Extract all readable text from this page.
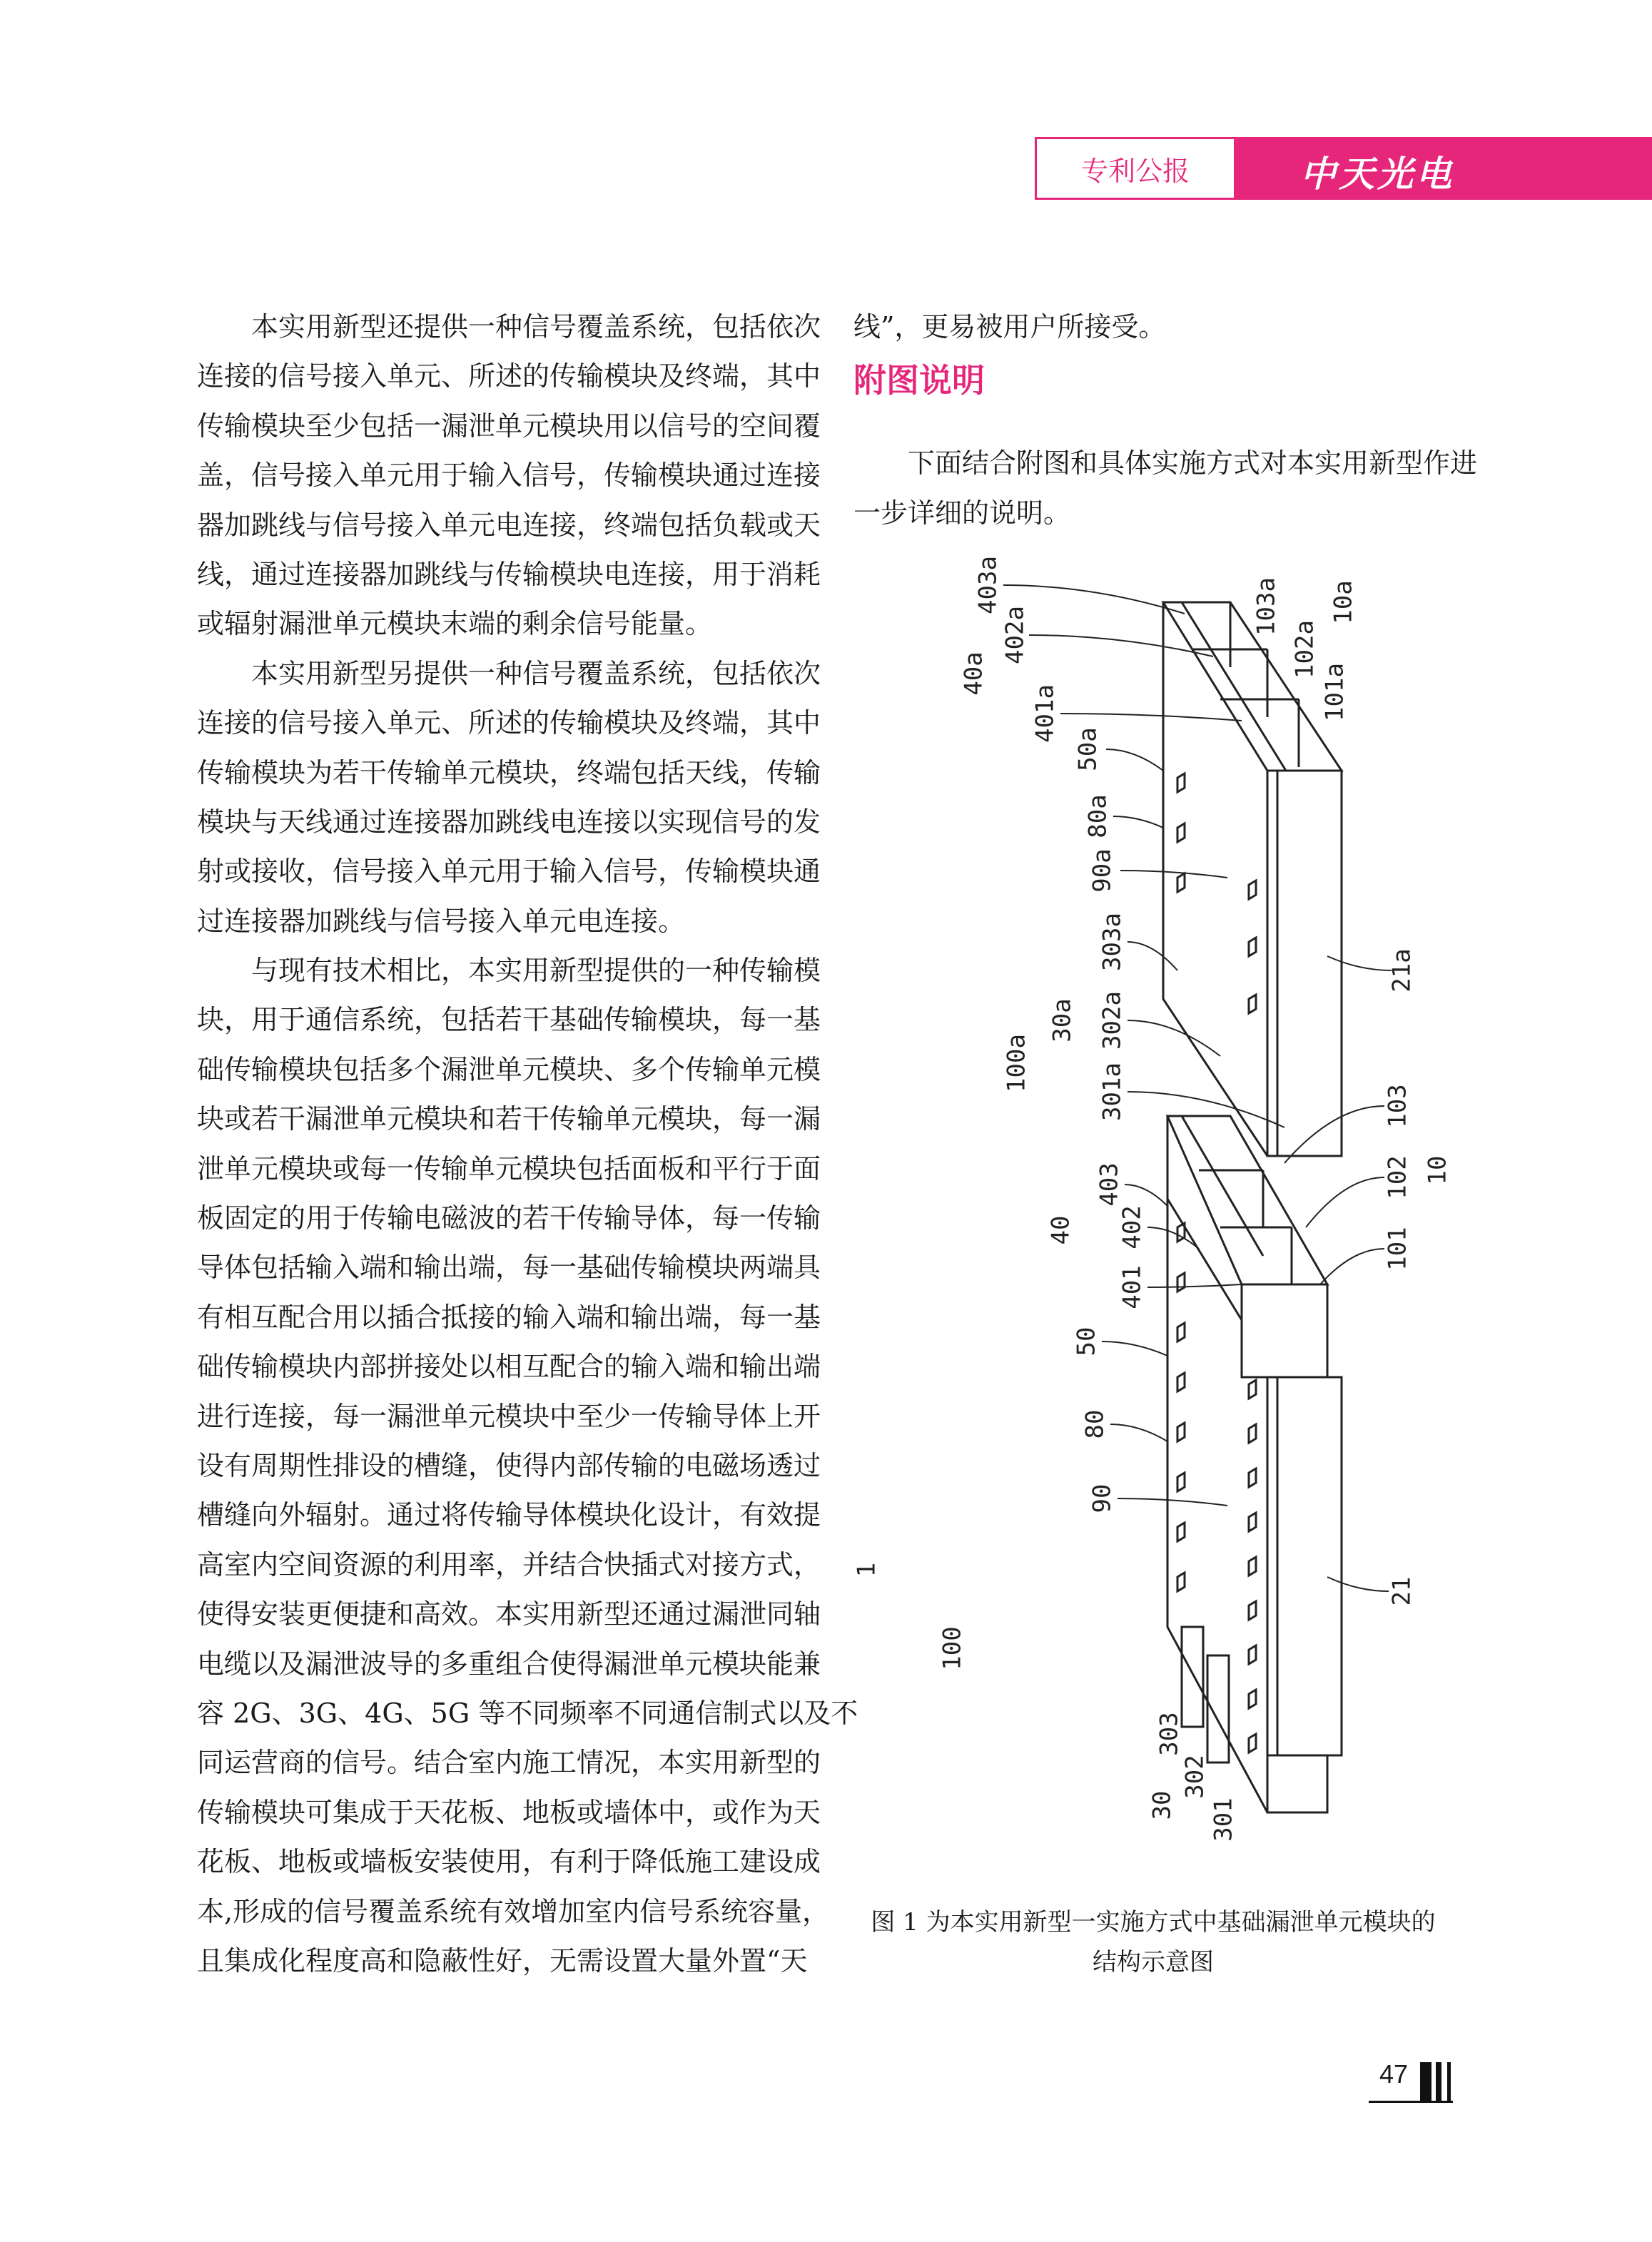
专利公报	中天光电
本实用新型还提供一种信号覆盖系统，包括依次
连接的信号接入单元、所述的传输模块及终端，其中
传输模块至少包括一漏泄单元模块用以信号的空间覆
盖，信号接入单元用于输入信号，传输模块通过连接
器加跳线与信号接入单元电连接，终端包括负载或天
线，通过连接器加跳线与传输模块电连接，用于消耗
或辐射漏泄单元模块末端的剩余信号能量。
本实用新型另提供一种信号覆盖系统，包括依次
连接的信号接入单元、所述的传输模块及终端，其中
传输模块为若干传输单元模块，终端包括天线，传输
模块与天线通过连接器加跳线电连接以实现信号的发
射或接收，信号接入单元用于输入信号，传输模块通
过连接器加跳线与信号接入单元电连接。
与现有技术相比，本实用新型提供的一种传输模
块，用于通信系统，包括若干基础传输模块，每一基
础传输模块包括多个漏泄单元模块、多个传输单元模
块或若干漏泄单元模块和若干传输单元模块，每一漏
泄单元模块或每一传输单元模块包括面板和平行于面
板固定的用于传输电磁波的若干传输导体，每一传输
导体包括输入端和输出端，每一基础传输模块两端具
有相互配合用以插合抵接的输入端和输出端，每一基
础传输模块内部拼接处以相互配合的输入端和输出端
进行连接，每一漏泄单元模块中至少一传输导体上开
设有周期性排设的槽缝，使得内部传输的电磁场透过
槽缝向外辐射。通过将传输导体模块化设计，有效提
高室内空间资源的利用率，并结合快插式对接方式，
使得安装更便捷和高效。本实用新型还通过漏泄同轴
电缆以及漏泄波导的多重组合使得漏泄单元模块能兼
容 2G、3G、4G、5G 等不同频率不同通信制式以及不
同运营商的信号。结合室内施工情况，本实用新型的
传输模块可集成于天花板、地板或墙体中，或作为天
花板、地板或墙板安装使用，有利于降低施工建设成
本,形成的信号覆盖系统有效增加室内信号系统容量，
且集成化程度高和隐蔽性好，无需设置大量外置“天
线”，更易被用户所接受。
附图说明
下面结合附图和具体实施方式对本实用新型作进
一步详细的说明。
403a
402a
40a
401a
103a
102a
10a
101a
50a
80a
90a
303a
302a
30a
301a
100a
21a
103
102
101
10
403
402
40
401
50
80
90
21
1
100
303
302
30 301
图 1 为本实用新型一实施方式中基础漏泄单元模块的
结构示意图
47
